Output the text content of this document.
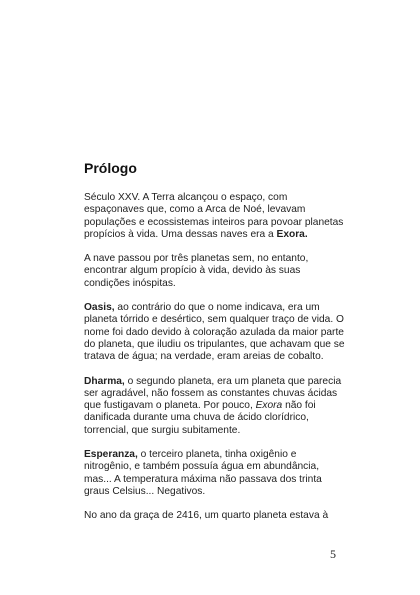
Prólogo

Século XXV. A Terra alcançou o espaço, com espaçonaves que, como a Arca de Noé, levavam populações e ecossistemas inteiros para povoar planetas propícios à vida. Uma dessas naves era a Exora.

A nave passou por três planetas sem, no entanto, encontrar algum propício à vida, devido às suas condições inóspitas.

Oasis, ao contrário do que o nome indicava, era um planeta tórrido e desértico, sem qualquer traço de vida. O nome foi dado devido à coloração azulada da maior parte do planeta, que iludiu os tripulantes, que achavam que se tratava de água; na verdade, eram areias de cobalto.

Dharma, o segundo planeta, era um planeta que parecia ser agradável, não fossem as constantes chuvas ácidas que fustigavam o planeta. Por pouco, Exora não foi danificada durante uma chuva de ácido clorídrico, torrencial, que surgiu subitamente.

Esperanza, o terceiro planeta, tinha oxigênio e nitrogênio, e também possuía água em abundância, mas... A temperatura máxima não passava dos trinta graus Celsius... Negativos.

No ano da graça de 2416, um quarto planeta estava à

5
